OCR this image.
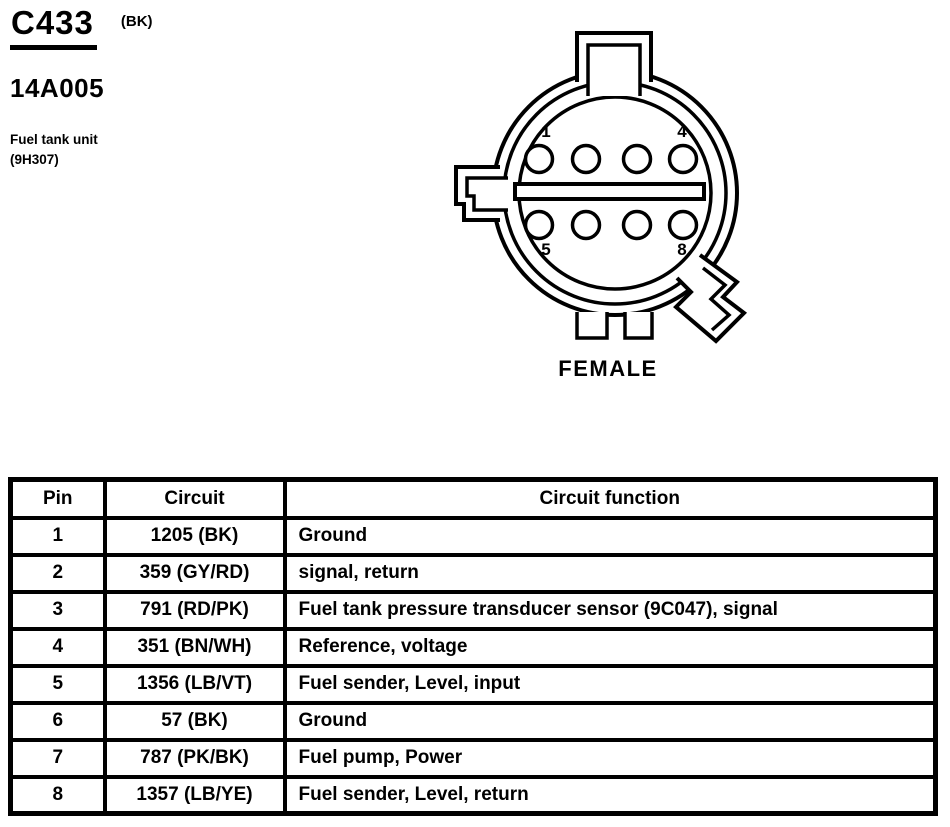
C433 (BK)
14A005
Fuel tank unit
(9H307)
1	4
5	8
FEMALE
Pin	Circuit	Circuit function
1	1205 (BK)	Ground
2	359 (GY/RD)	signal, return
3	791 (RD/PK)	Fuel tank pressure transducer sensor (9C047), signal
4	351 (BN/WH)	Reference, voltage
5	1356 (LB/VT)	Fuel sender, Level, input
6	57 (BK)	Ground
7	787 (PK/BK)	Fuel pump, Power
8	1357 (LB/YE)	Fuel sender, Level, return
